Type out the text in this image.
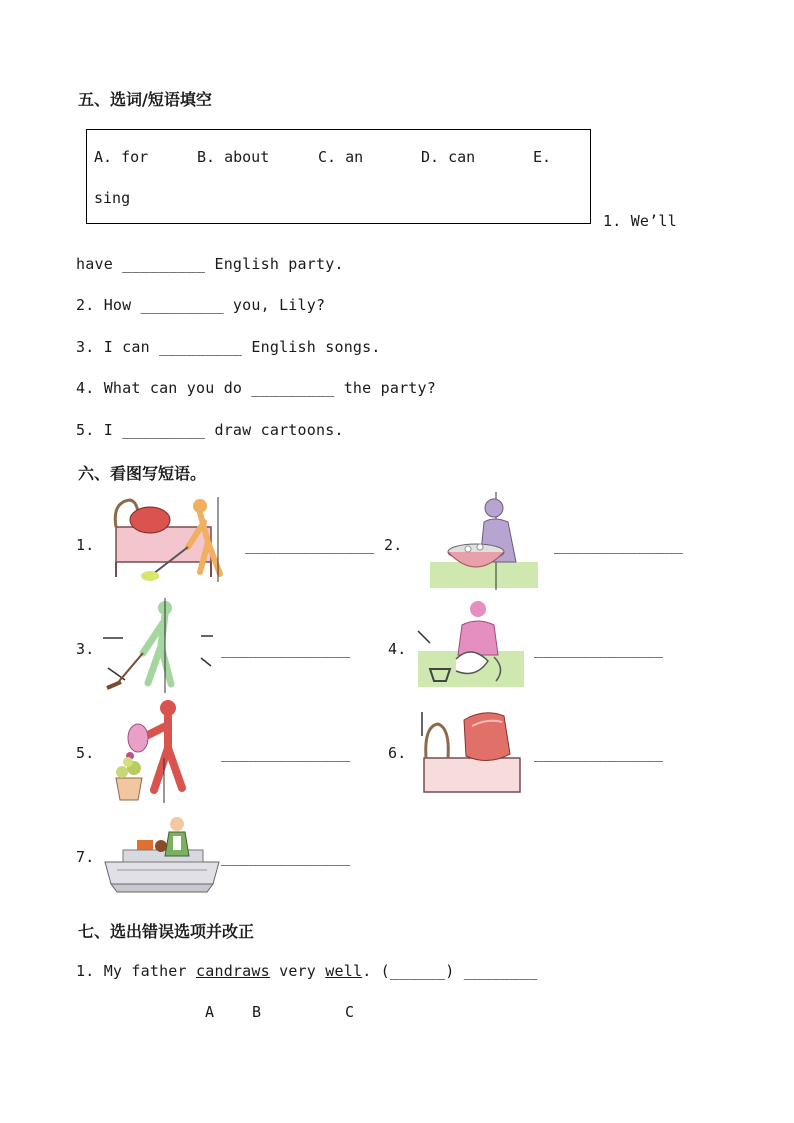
五、选词/短语填空
A. for	B. about	C. an	D. can	E.
sing
1. We’ll
have _________ English party.
2. How _________ you, Lily?
3. I can _________ English songs.
4. What can you do _________ the party?
5. I _________ draw cartoons.
六、看图写短语。
1.	______________ 2.	______________
3.	______________	4.	______________
5.	______________	6.	______________
7.	______________
七、选出错误选项并改正
1. My father candraws very well. (______) ________
A	B	C
